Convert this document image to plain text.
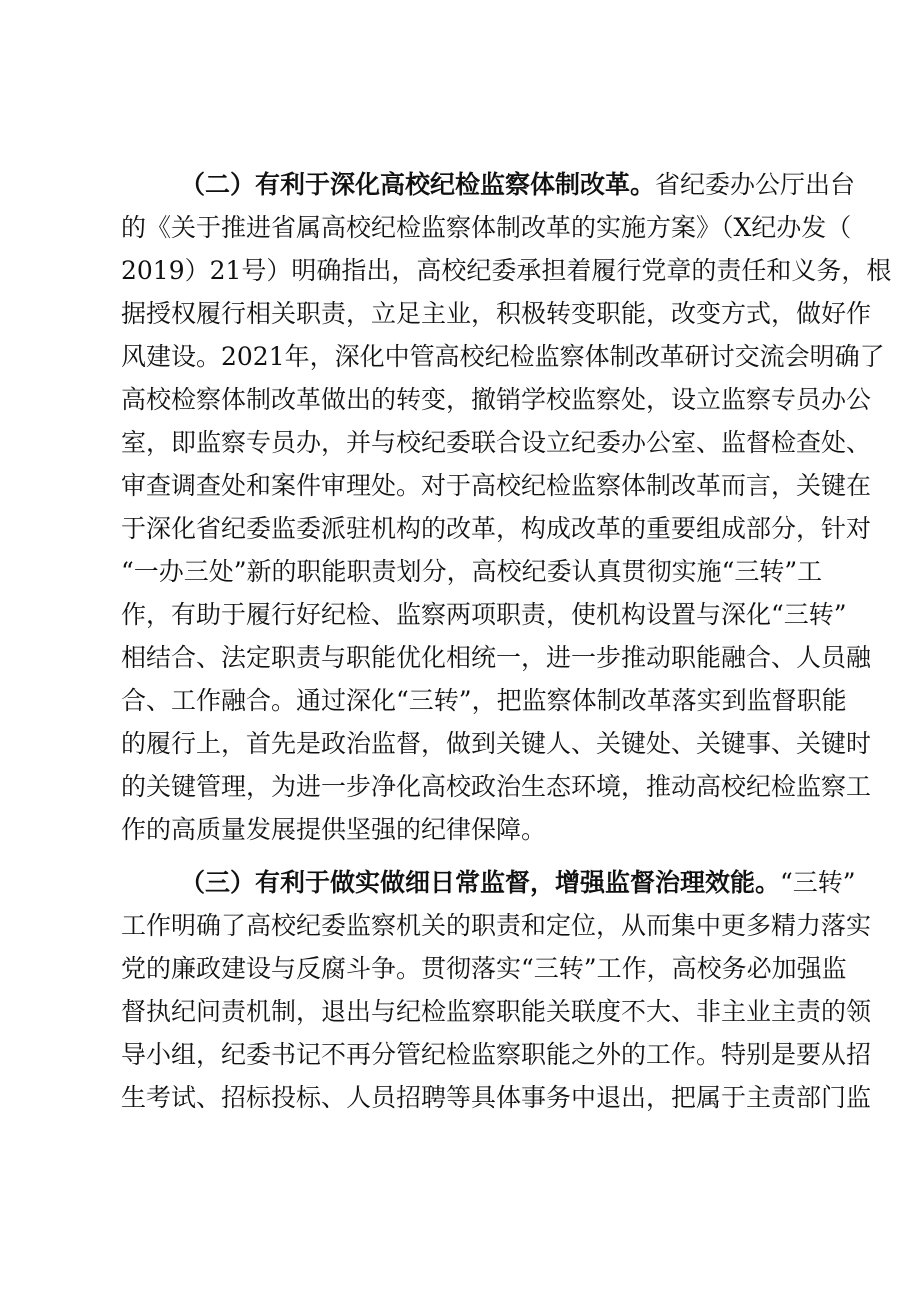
（二）有利于深化高校纪检监察体制改革。省纪委办公厅出台
的《关于推进省属高校纪检监察体制改革的实施方案》（X纪办发（
2019）21号）明确指出，高校纪委承担着履行党章的责任和义务，根
据授权履行相关职责，立足主业，积极转变职能，改变方式，做好作
风建设。2021年，深化中管高校纪检监察体制改革研讨交流会明确了
高校检察体制改革做出的转变，撤销学校监察处，设立监察专员办公
室，即监察专员办，并与校纪委联合设立纪委办公室、监督检查处、
审查调查处和案件审理处。对于高校纪检监察体制改革而言，关键在
于深化省纪委监委派驻机构的改革，构成改革的重要组成部分，针对
“一办三处”新的职能职责划分，高校纪委认真贯彻实施“三转”工
作，有助于履行好纪检、监察两项职责，使机构设置与深化“三转”
相结合、法定职责与职能优化相统一，进一步推动职能融合、人员融
合、工作融合。通过深化“三转”，把监察体制改革落实到监督职能
的履行上，首先是政治监督，做到关键人、关键处、关键事、关键时
的关键管理，为进一步净化高校政治生态环境，推动高校纪检监察工
作的高质量发展提供坚强的纪律保障。
（三）有利于做实做细日常监督，增强监督治理效能。“三转”
工作明确了高校纪委监察机关的职责和定位，从而集中更多精力落实
党的廉政建设与反腐斗争。贯彻落实“三转”工作，高校务必加强监
督执纪问责机制，退出与纪检监察职能关联度不大、非主业主责的领
导小组，纪委书记不再分管纪检监察职能之外的工作。特别是要从招
生考试、招标投标、人员招聘等具体事务中退出，把属于主责部门监
